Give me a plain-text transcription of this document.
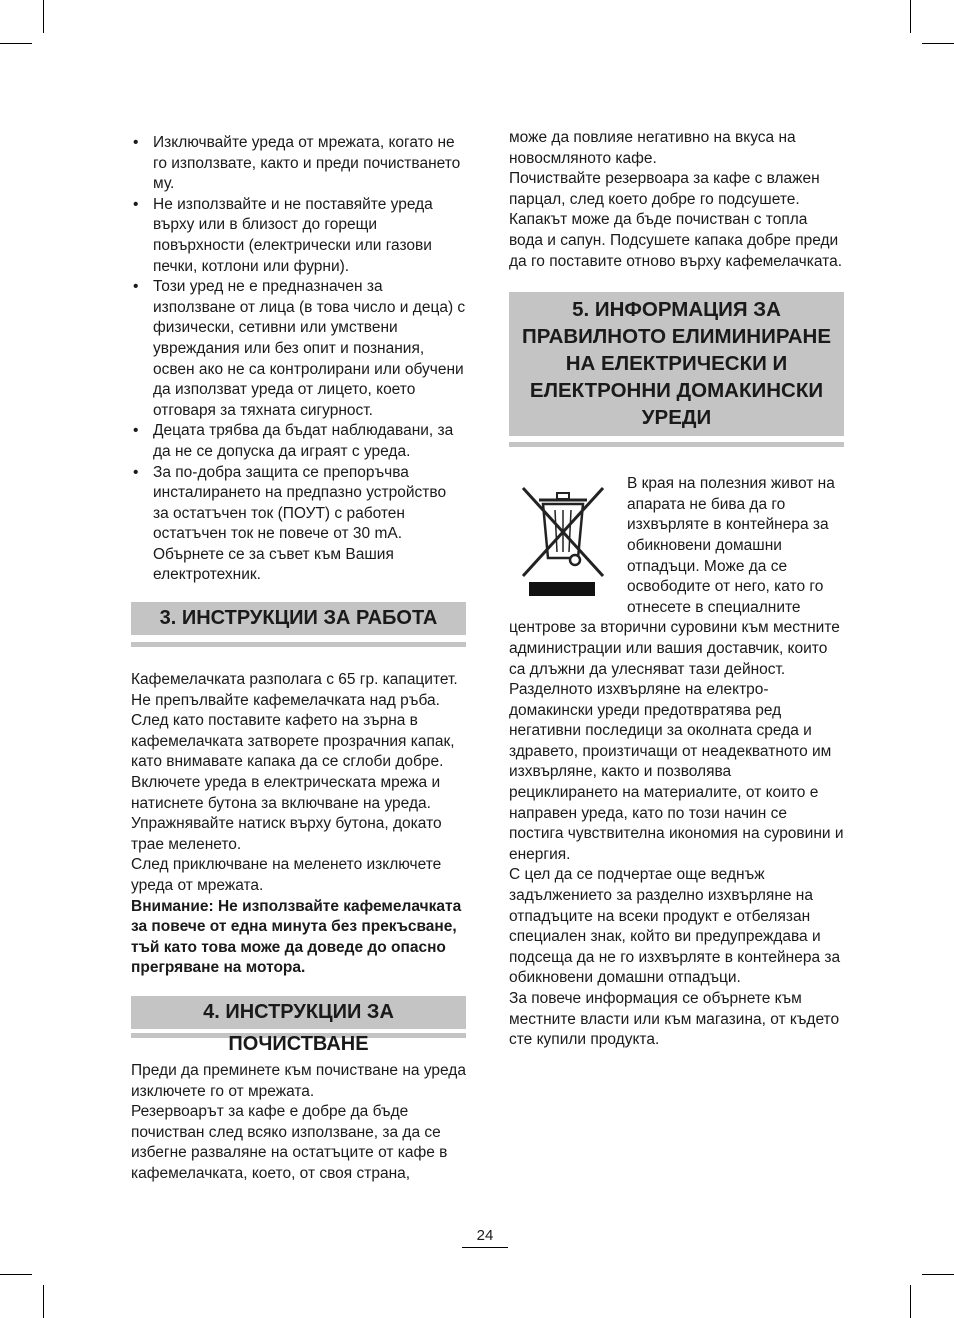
• Изключвайте уреда от мрежата, когато не го използвате, както и преди почистването му.
• Не използвайте и не поставяйте уреда върху или в близост до горещи повърхности (електрически или газови печки, котлони или фурни).
• Този уред не е предназначен за използване от лица (в това число и деца) с физически, сетивни или умствени увреждания или без опит и познания, освен ако не са контролирани или обучени да използват уреда от лицето, което отговаря за тяхната сигурност.
• Децата трябва да бъдат наблюдавани, за да не се допуска да играят с уреда.
• За по-добра защита се препоръчва инсталирането на предпазно устройство за остатъчен ток (ПОУТ) с работен остатъчен ток не повече от 30 mA. Обърнете се за съвет към Вашия електротехник.
3. ИНСТРУКЦИИ ЗА РАБОТА

Кафемелачката разполага с 65 гр. капацитет.

Не препълвайте кафемелачката над ръба.

След като поставите кафето на зърна в кафемелачката затворете прозрачния капак, като внимавате капака да се сглоби добре.

Включете уреда в електрическата мрежа и натиснете бутона за включване на уреда.

Упражнявайте натиск върху бутона, докато трае меленето.

След приключване на меленето изключете уреда от мрежата.

Внимание: Не използвайте кафемелачката за повече от една минута без прекъсване, тъй като това може да доведе до опасно прегряване на мотора.

4. ИНСТРУКЦИИ ЗА ПОЧИСТВАНЕ

Преди да преминете към почистване на уреда изключете го от мрежата.

Резервоарът за кафе е добре да бъде почистван след всяко използване, за да се избегне разваляне на остатъците от кафе в кафемелачката, което, от своя страна,

може да повлияе негативно на вкуса на новосмляното кафе.

Почиствайте резервоара за кафе с влажен парцал, след което добре го подсушете.

Капакът може да бъде почистван с топла вода и сапун. Подсушете капака добре преди да го поставите отново върху кафемелачката.

5. ИНФОРМАЦИЯ ЗА ПРАВИЛНОТО ЕЛИМИНИРАНЕ НА ЕЛЕКТРИЧЕСКИ И ЕЛЕКТРОННИ ДОМАКИНСКИ УРЕДИ

В края на полезния живот на апарата не бива да го изхвърляте в контейнера за обикновени домашни отпадъци. Може да се освободите от него, като го отнесете в специалните центрове за вторични суровини към местните администрации или вашия доставчик, които са длъжни да улесняват тази дейност. Разделното изхвърляне на електро-домакински уреди предотвратява ред негативни последици за околната среда и здравето, произтичащи от неадекватното им изхвърляне, както и позволява рециклирането на материалите, от които е направен уреда, като по този начин се постига чувствителна икономия на суровини и енергия.

С цел да се подчертае още веднъж задължението за разделно изхвърляне на отпадъците на всеки продукт е отбелязан специален знак, който ви предупреждава и подсеща да не го изхвърляте в контейнера за обикновени домашни отпадъци.

За повече информация се обърнете към местните власти или към магазина, от където сте купили продукта.

24
